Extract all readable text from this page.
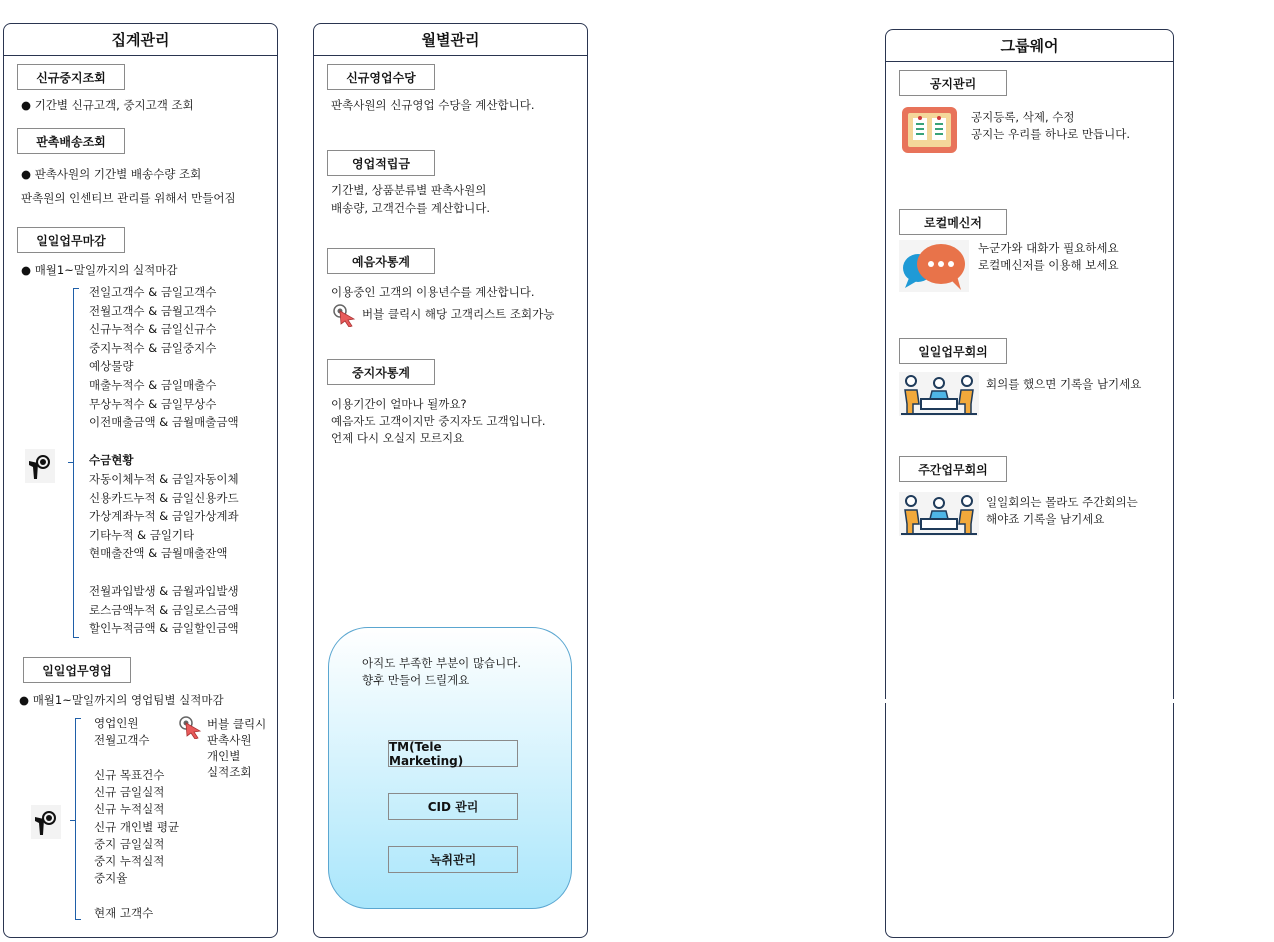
집계관리
신규중지조회
● 기간별 신규고객, 중지고객 조회
판촉배송조회
● 판촉사원의 기간별 배송수량 조회
판촉원의 인센티브 관리를 위해서 만들어짐
일일업무마감
● 매월1~말일까지의 실적마감
전일고객수 & 금일고객수
전월고객수 & 금월고객수
신규누적수 & 금일신규수
중지누적수 & 금일중지수
예상물량
매출누적수 & 금일매출수
무상누적수 & 금일무상수
이전매출금액 & 금월매출금액
수금현황
자동이체누적 & 금일자동이체
신용카드누적 & 금일신용카드
가상계좌누적 & 금일가상계좌
기타누적 & 금일기타
현매출잔액 & 금월매출잔액
전월과입발생 & 금월과입발생
로스금액누적 & 금일로스금액
할인누적금액 & 금일할인금액
일일업무영업
● 매월1~말일까지의 영업팀별 실적마감
영업인원
전월고객수
버블 클릭시
판촉사원
개인별
실적조회
신규 목표건수
신규 금일실적
신규 누적실적
신규 개인별 평균
중지 금일실적
중지 누적실적
중지율
현재 고객수
월별관리
신규영업수당
판촉사원의 신규영업 수당을 계산합니다.
영업적립금
기간별, 상품분류별 판촉사원의
배송량, 고객건수를 계산합니다.
예음자통계
이용중인 고객의 이용년수를 계산합니다.
버블 클릭시 해당 고객리스트 조회가능
중지자통계
이용기간이 얼마나 될까요?
예음자도 고객이지만 중지자도 고객입니다.
언제 다시 오실지 모르지요
아직도 부족한 부분이 많습니다.
향후 만들어 드릴게요
TM(Tele Marketing)
CID 관리
녹취관리
그룹웨어
공지관리
공지등록, 삭제, 수정
공지는 우리를 하나로 만듭니다.
로컬메신저
누군가와 대화가 필요하세요
로컬메신저를 이용해 보세요
일일업무회의
회의를 했으면 기록을 남기세요
주간업무회의
일일회의는 몰라도 주간회의는
해야죠 기록을 남기세요
